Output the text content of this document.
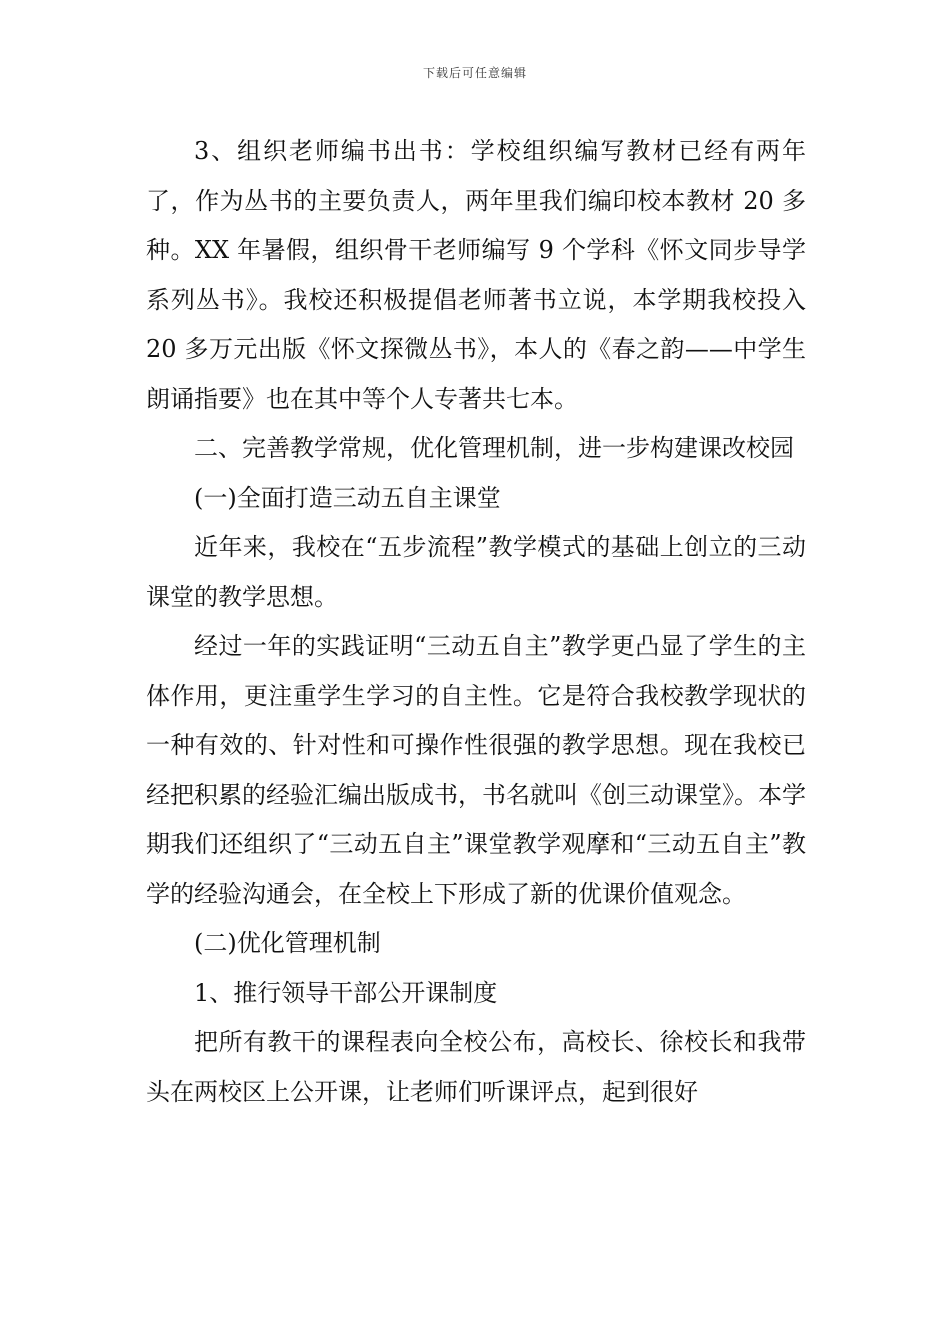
下载后可任意编辑

3、组织老师编书出书：学校组织编写教材已经有两年了，作为丛书的主要负责人，两年里我们编印校本教材 20 多种。XX 年暑假，组织骨干老师编写 9 个学科《怀文同步导学系列丛书》。我校还积极提倡老师著书立说，本学期我校投入 20 多万元出版《怀文探微丛书》，本人的《春之韵——中学生朗诵指要》也在其中等个人专著共七本。

二、完善教学常规，优化管理机制，进一步构建课改校园

(一)全面打造三动五自主课堂

近年来，我校在“五步流程”教学模式的基础上创立的三动课堂的教学思想。

经过一年的实践证明“三动五自主”教学更凸显了学生的主体作用，更注重学生学习的自主性。它是符合我校教学现状的一种有效的、针对性和可操作性很强的教学思想。现在我校已经把积累的经验汇编出版成书，书名就叫《创三动课堂》。本学期我们还组织了“三动五自主”课堂教学观摩和“三动五自主”教学的经验沟通会，在全校上下形成了新的优课价值观念。

(二)优化管理机制

1、推行领导干部公开课制度

把所有教干的课程表向全校公布，高校长、徐校长和我带头在两校区上公开课，让老师们听课评点，起到很好
